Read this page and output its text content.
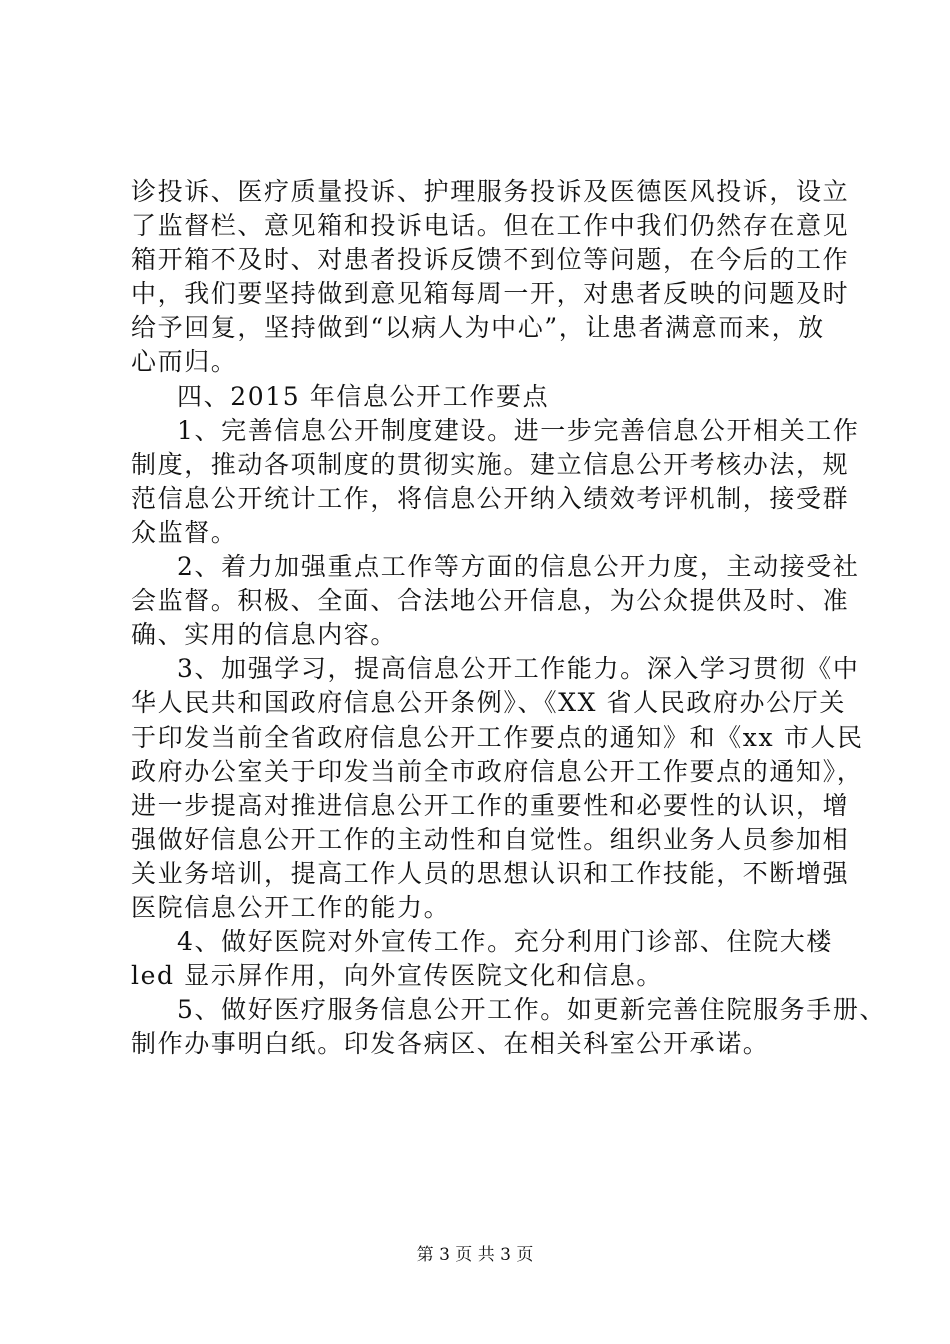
诊投诉、医疗质量投诉、护理服务投诉及医德医风投诉，设立
了监督栏、意见箱和投诉电话。但在工作中我们仍然存在意见
箱开箱不及时、对患者投诉反馈不到位等问题，在今后的工作
中，我们要坚持做到意见箱每周一开，对患者反映的问题及时
给予回复，坚持做到“以病人为中心”，让患者满意而来，放
心而归。
四、2015 年信息公开工作要点
1、完善信息公开制度建设。进一步完善信息公开相关工作
制度，推动各项制度的贯彻实施。建立信息公开考核办法，规
范信息公开统计工作，将信息公开纳入绩效考评机制，接受群
众监督。
2、着力加强重点工作等方面的信息公开力度，主动接受社
会监督。积极、全面、合法地公开信息，为公众提供及时、准
确、实用的信息内容。
3、加强学习，提高信息公开工作能力。深入学习贯彻《中
华人民共和国政府信息公开条例》、《XX 省人民政府办公厅关
于印发当前全省政府信息公开工作要点的通知》和《xx 市人民
政府办公室关于印发当前全市政府信息公开工作要点的通知》，
进一步提高对推进信息公开工作的重要性和必要性的认识，增
强做好信息公开工作的主动性和自觉性。组织业务人员参加相
关业务培训，提高工作人员的思想认识和工作技能，不断增强
医院信息公开工作的能力。
4、做好医院对外宣传工作。充分利用门诊部、住院大楼
led 显示屏作用，向外宣传医院文化和信息。
5、做好医疗服务信息公开工作。如更新完善住院服务手册、
制作办事明白纸。印发各病区、在相关科室公开承诺。
第 3 页 共 3 页
